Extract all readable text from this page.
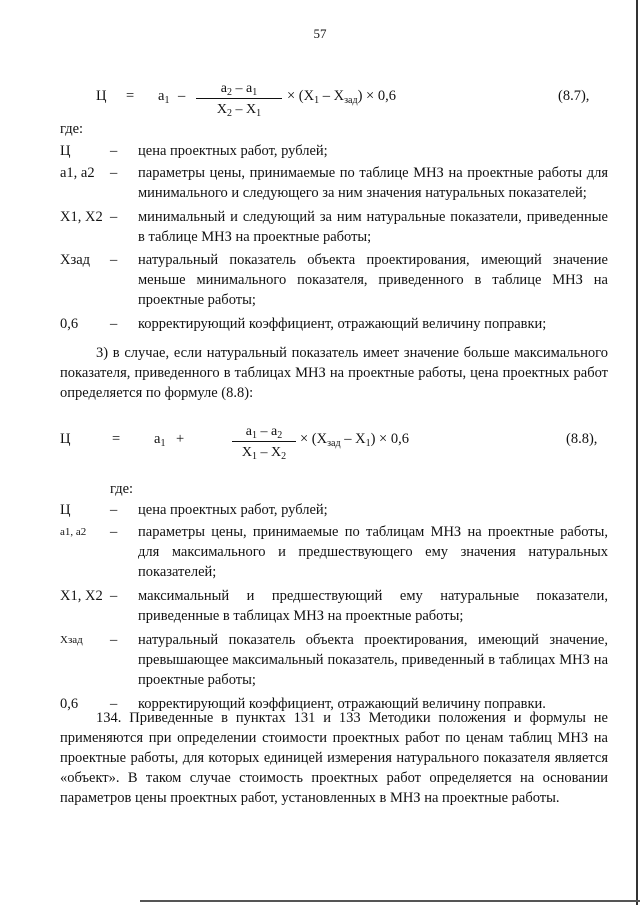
57
$Ц = a_1$ –	$a_2 - a_1$
$X_2 - X_1$
× $(X_1 - X_{зад}) \times 0,6$	(8.7),
где:
Ц	–	цена проектных работ, рублей;
a1, a2	–	параметры цены, принимаемые по таблице МНЗ на проектные работы для минимального и следующего за ним значения натуральных показателей;
X1, X2 –	минимальный и следующий за ним натуральные показатели, приведенные в таблице МНЗ на проектные работы;
Xзад	–	натуральный показатель объекта проектирования, имеющий значение меньше минимального показателя, приведенного в таблице МНЗ на проектные работы;
0,6	–	корректирующий коэффициент, отражающий величину поправки;

3) в случае, если натуральный показатель имеет значение больше максимального показателя, приведенного в таблицах МНЗ на проектные работы, цена проектных работ определяется по формуле (8.8):

Ц	= $a_1$ +	$a_1 - a_2$
$X_1 - X_2$
× $(X_{зад} - X_1) \times 0,6$	(8.8),
где:
Ц	–	цена проектных работ, рублей;
a1, a2	–	параметры цены, принимаемые по таблицам МНЗ на проектные работы, для максимального и предшествующего ему значения натуральных показателей;
X1, X2 –	максимальный и предшествующий ему натуральные показатели, приведенные в таблицах МНЗ на проектные работы;
Xзад	–	натуральный показатель объекта проектирования, имеющий значение, превышающее максимальный показатель, приведенный в таблицах МНЗ на проектные работы;
0,6	–	корректирующий коэффициент, отражающий величину поправки.

134. Приведенные в пунктах 131 и 133 Методики положения и формулы не применяются при определении стоимости проектных работ по ценам таблиц МНЗ на проектные работы, для которых единицей измерения натурального показателя является «объект». В таком случае стоимость проектных работ определяется на основании параметров цены проектных работ, установленных в МНЗ на проектные работы.
